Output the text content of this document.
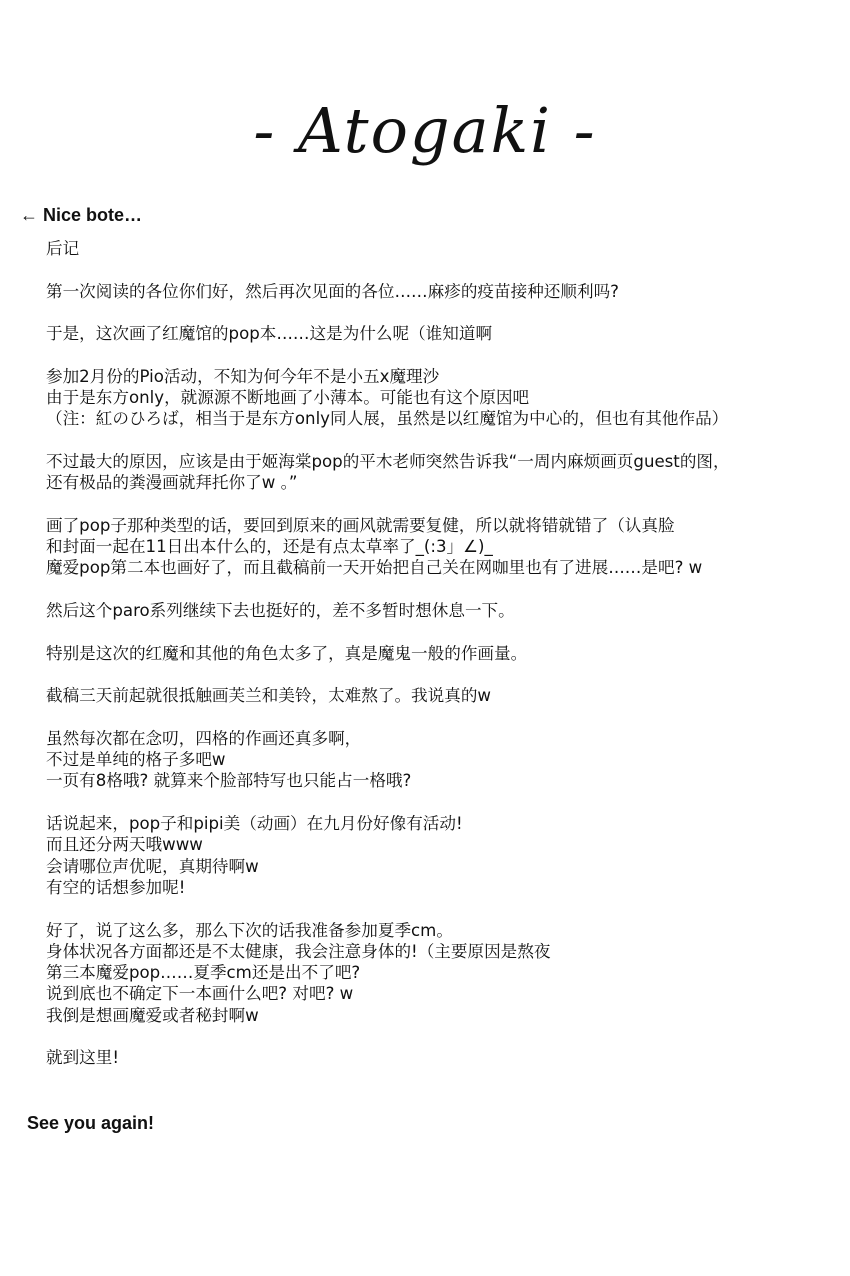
- Atogaki -
← Nice bote…
后记
第一次阅读的各位你们好，然后再次见面的各位……麻疹的疫苗接种还顺利吗?
于是，这次画了红魔馆的pop本……这是为什么呢（谁知道啊
参加2月份的Pio活动，不知为何今年不是小五x魔理沙
由于是东方only，就源源不断地画了小薄本。可能也有这个原因吧
（注：紅のひろば，相当于是东方only同人展，虽然是以红魔馆为中心的，但也有其他作品）
不过最大的原因，应该是由于姬海棠pop的平木老师突然告诉我“一周内麻烦画页guest的图，
还有极品的粪漫画就拜托你了w 。”
画了pop子那种类型的话，要回到原来的画风就需要复健，所以就将错就错了（认真脸
和封面一起在11日出本什么的，还是有点太草率了_(:3」∠)_
魔爱pop第二本也画好了，而且截稿前一天开始把自己关在网咖里也有了进展……是吧? w
然后这个paro系列继续下去也挺好的，差不多暂时想休息一下。
特别是这次的红魔和其他的角色太多了，真是魔鬼一般的作画量。
截稿三天前起就很抵触画芙兰和美铃，太难熬了。我说真的w
虽然每次都在念叨，四格的作画还真多啊，
不过是单纯的格子多吧w
一页有8格哦? 就算来个脸部特写也只能占一格哦?
话说起来，pop子和pipi美（动画）在九月份好像有活动!
而且还分两天哦www
会请哪位声优呢，真期待啊w
有空的话想参加呢!
好了，说了这么多，那么下次的话我准备参加夏季cm。
身体状况各方面都还是不太健康，我会注意身体的!（主要原因是熬夜
第三本魔爱pop……夏季cm还是出不了吧?
说到底也不确定下一本画什么吧? 对吧? w
我倒是想画魔爱或者秘封啊w
就到这里!
See you again!
